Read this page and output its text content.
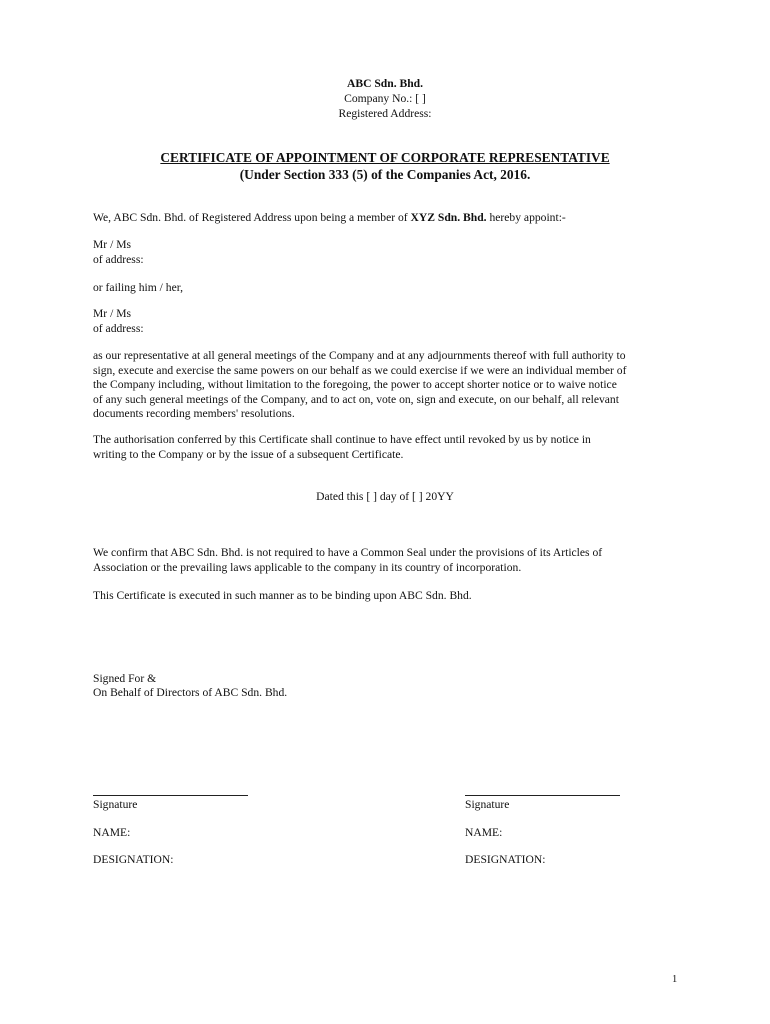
ABC Sdn. Bhd.
Company No.: [ ]
Registered Address:
CERTIFICATE OF APPOINTMENT OF CORPORATE REPRESENTATIVE
(Under Section 333 (5) of the Companies Act, 2016.
We, ABC Sdn. Bhd. of Registered Address upon being a member of XYZ Sdn. Bhd. hereby appoint:-
Mr / Ms
of address:
or failing him / her,
Mr / Ms
of address:
as our representative at all general meetings of the Company and at any adjournments thereof with full authority to
sign, execute and exercise the same powers on our behalf as we could exercise if we were an individual member of
the Company including, without limitation to the foregoing, the power to accept shorter notice or to waive notice
of any such general meetings of the Company, and to act on, vote on, sign and execute, on our behalf, all relevant
documents recording members' resolutions.
The authorisation conferred by this Certificate shall continue to have effect until revoked by us by notice in
writing to the Company or by the issue of a subsequent Certificate.
Dated this [ ] day of [ ] 20YY
We confirm that ABC Sdn. Bhd. is not required to have a Common Seal under the provisions of its Articles of
Association or the prevailing laws applicable to the company in its country of incorporation.
This Certificate is executed in such manner as to be binding upon ABC Sdn. Bhd.
Signed For &
On Behalf of Directors of ABC Sdn. Bhd.
Signature
NAME:
DESIGNATION:
Signature
NAME:
DESIGNATION:
1
